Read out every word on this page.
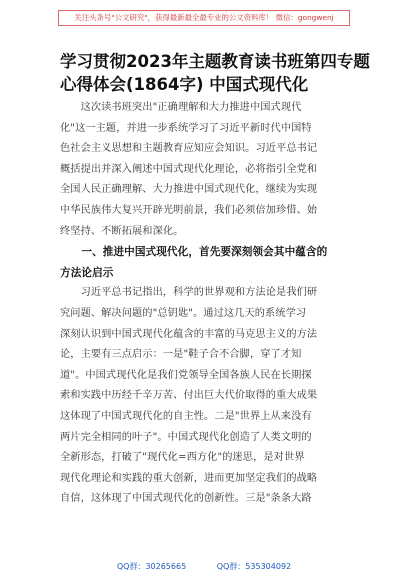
关注头条号"公文研究"，获得最新最全最专业的公文资料库！ 微信：gongwenj
学习贯彻2023年主题教育读书班第四专题
心得体会(1864字) 中国式现代化
　　这次读书班突出"正确理解和大力推进中国式现代
化"这一主题，并进一步系统学习了习近平新时代中国特
色社会主义思想和主题教育应知应会知识。习近平总书记
概括提出并深入阐述中国式现代化理论，必将指引全党和
全国人民正确理解、大力推进中国式现代化，继续为实现
中华民族伟大复兴开辟光明前景，我们必须倍加珍惜、始
终坚持、不断拓展和深化。
　　一、推进中国式现代化，首先要深刻领会其中蕴含的
方法论启示
　　习近平总书记指出，科学的世界观和方法论是我们研
究问题、解决问题的"总钥匙"。通过这几天的系统学习
深刻认识到中国式现代化蕴含的丰富的马克思主义的方法
论，主要有三点启示：一是"鞋子合不合脚，穿了才知
道"。中国式现代化是我们党领导全国各族人民在长期探
索和实践中历经千辛万苦、付出巨大代价取得的重大成果
这体现了中国式现代化的自主性。二是"世界上从来没有
两片完全相同的叶子"。中国式现代化创造了人类文明的
全新形态，打破了"现代化=西方化"的迷思，是对世界
现代化理论和实践的重大创新，进而更加坚定我们的战略
自信，这体现了中国式现代化的创新性。三是"条条大路
QQ群：30265665	QQ群：535304092
